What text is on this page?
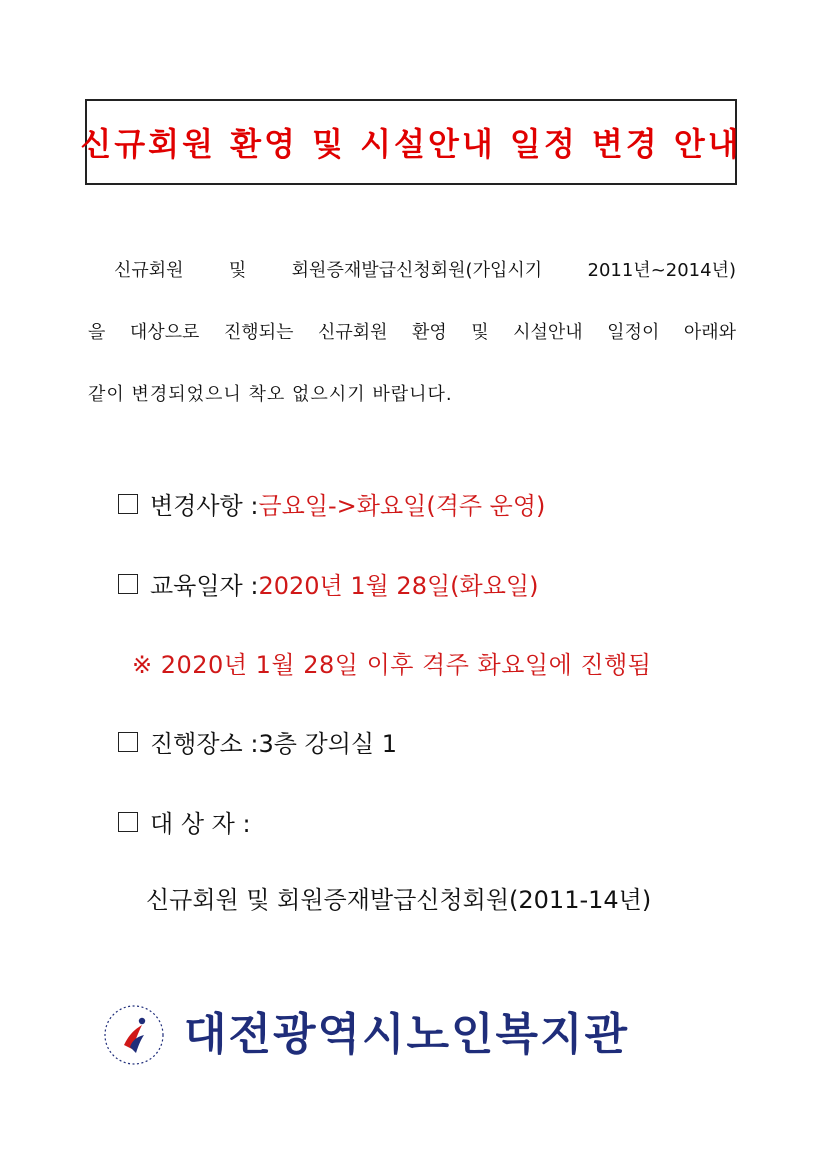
신규회원 환영 및 시설안내 일정 변경 안내
신규회원 및 회원증재발급신청회원(가입시기 2011년~2014년)
을 대상으로 진행되는 신규회원 환영 및 시설안내 일정이 아래와
같이 변경되었으니 착오 없으시기 바랍니다.
변경사항 : 금요일->화요일(격주 운영)
교육일자 : 2020년 1월 28일(화요일)
※ 2020년 1월 28일 이후 격주 화요일에 진행됨
진행장소 : 3층 강의실 1
대 상 자 :
신규회원 및 회원증재발급신청회원(2011-14년)
대전광역시노인복지관
